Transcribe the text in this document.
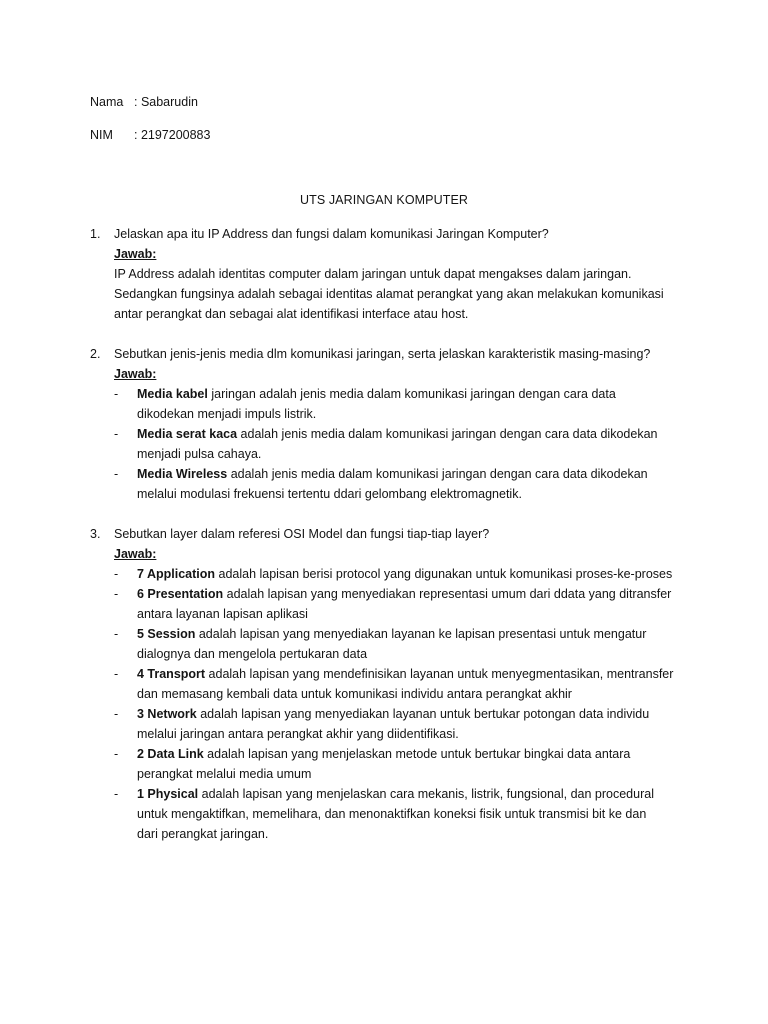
Nama : Sabarudin
NIM : 2197200883
UTS JARINGAN KOMPUTER
1. Jelaskan apa itu IP Address dan fungsi dalam komunikasi Jaringan Komputer?
Jawab:
IP Address adalah identitas computer dalam jaringan untuk dapat mengakses dalam jaringan.
Sedangkan fungsinya adalah sebagai identitas alamat perangkat yang akan melakukan komunikasi
antar perangkat dan sebagai alat identifikasi interface atau host.
2. Sebutkan jenis-jenis media dlm komunikasi jaringan, serta jelaskan karakteristik masing-masing?
Jawab:
- Media kabel jaringan adalah jenis media dalam komunikasi jaringan dengan cara data
dikodekan menjadi impuls listrik.
- Media serat kaca adalah jenis media dalam komunikasi jaringan dengan cara data dikodekan
menjadi pulsa cahaya.
- Media Wireless adalah jenis media dalam komunikasi jaringan dengan cara data dikodekan
melalui modulasi frekuensi tertentu ddari gelombang elektromagnetik.
3. Sebutkan layer dalam referesi OSI Model dan fungsi tiap-tiap layer?
Jawab:
- 7 Application adalah lapisan berisi protocol yang digunakan untuk komunikasi proses-ke-proses
- 6 Presentation adalah lapisan yang menyediakan representasi umum dari ddata yang ditransfer
antara layanan lapisan aplikasi
- 5 Session adalah lapisan yang menyediakan layanan ke lapisan presentasi untuk mengatur
dialognya dan mengelola pertukaran data
- 4 Transport adalah lapisan yang mendefinisikan layanan untuk menyegmentasikan, mentransfer
dan memasang kembali data untuk komunikasi individu antara perangkat akhir
- 3 Network adalah lapisan yang menyediakan layanan untuk bertukar potongan data individu
melalui jaringan antara perangkat akhir yang diidentifikasi.
- 2 Data Link adalah lapisan yang menjelaskan metode untuk bertukar bingkai data antara
perangkat melalui media umum
- 1 Physical adalah lapisan yang menjelaskan cara mekanis, listrik, fungsional, dan procedural
untuk mengaktifkan, memelihara, dan menonaktifkan koneksi fisik untuk transmisi bit ke dan
dari perangkat jaringan.
